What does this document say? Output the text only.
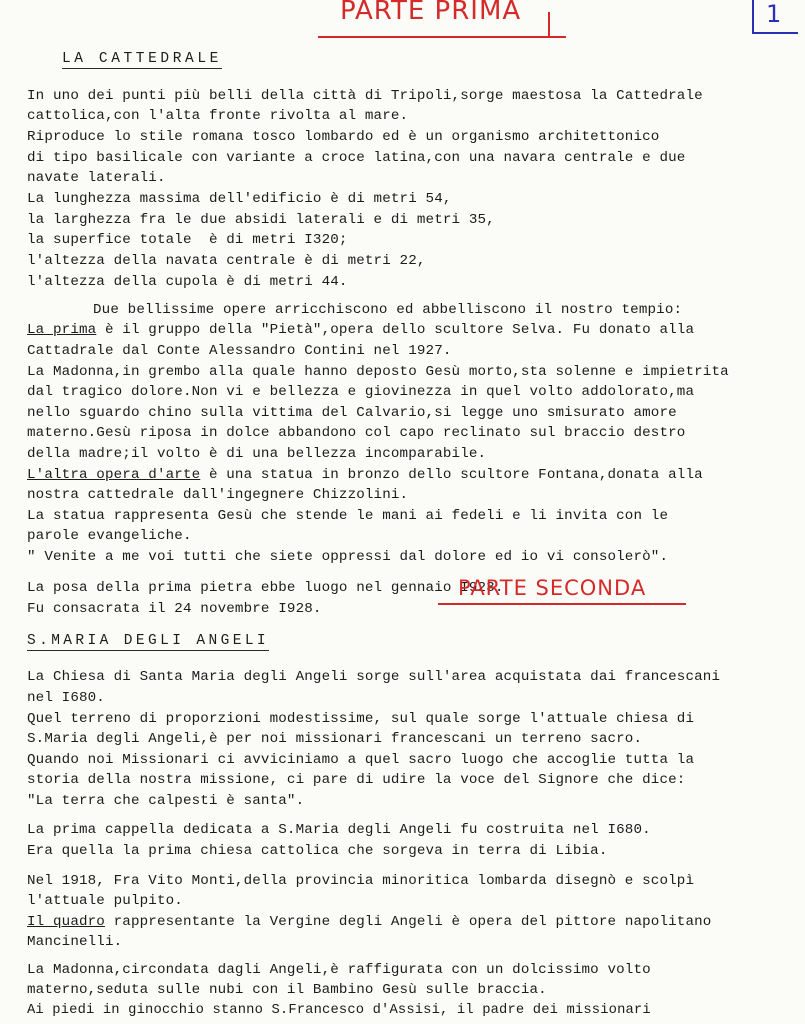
PARTE PRIMA	1
LA CATTEDRALE
In uno dei punti più belli della città di Tripoli,sorge maestosa la Cattedrale
cattolica,con l'alta fronte rivolta al mare.
Riproduce lo stile romana tosco lombardo ed è un organismo architettonico
di tipo basilicale con variante a croce latina,con una navara centrale e due
navate laterali.
La lunghezza massima dell'edificio è di metri 54,
la larghezza fra le due absidi laterali e di metri 35,
la superfice totale  è di metri I320;
l'altezza della navata centrale è di metri 22,
l'altezza della cupola è di metri 44.
Due bellissime opere arricchiscono ed abbelliscono il nostro tempio:
La prima è il gruppo della "Pietà",opera dello scultore Selva. Fu donato alla
Cattadrale dal Conte Alessandro Contini nel 1927.
La Madonna,in grembo alla quale hanno deposto Gesù morto,sta solenne e impietrita
dal tragico dolore.Non vi e bellezza e giovinezza in quel volto addolorato,ma
nello sguardo chino sulla vittima del Calvario,si legge uno smisurato amore
materno.Gesù riposa in dolce abbandono col capo reclinato sul braccio destro
della madre;il volto è di una bellezza incomparabile.
L'altra opera d'arte è una statua in bronzo dello scultore Fontana,donata alla
nostra cattedrale dall'ingegnere Chizzolini.
La statua rappresenta Gesù che stende le mani ai fedeli e li invita con le
parole evangeliche.
" Venite a me voi tutti che siete oppressi dal dolore ed io vi consolerò".
La posa della prima pietra ebbe luogo nel gennaio I923.
Fu consacrata il 24 novembre I928.
PARTE SECONDA
S.MARIA DEGLI ANGELI
La Chiesa di Santa Maria degli Angeli sorge sull'area acquistata dai francescani
nel I680.
Quel terreno di proporzioni modestissime, sul quale sorge l'attuale chiesa di
S.Maria degli Angeli,è per noi missionari francescani un terreno sacro.
Quando noi Missionari ci avviciniamo a quel sacro luogo che accoglie tutta la
storia della nostra missione, ci pare di udire la voce del Signore che dice:
"La terra che calpesti è santa".
La prima cappella dedicata a S.Maria degli Angeli fu costruita nel I680.
Era quella la prima chiesa cattolica che sorgeva in terra di Libia.
Nel 1918, Fra Vito Monti,della provincia minoritica lombarda disegnò e scolpì
l'attuale pulpito.
Il quadro rappresentante la Vergine degli Angeli è opera del pittore napolitano
Mancinelli.
La Madonna,circondata dagli Angeli,è raffigurata con un dolcissimo volto
materno,seduta sulle nubi con il Bambino Gesù sulle braccia.
Ai piedi in ginocchio stanno S.Francesco d'Assisi, il padre dei missionari
